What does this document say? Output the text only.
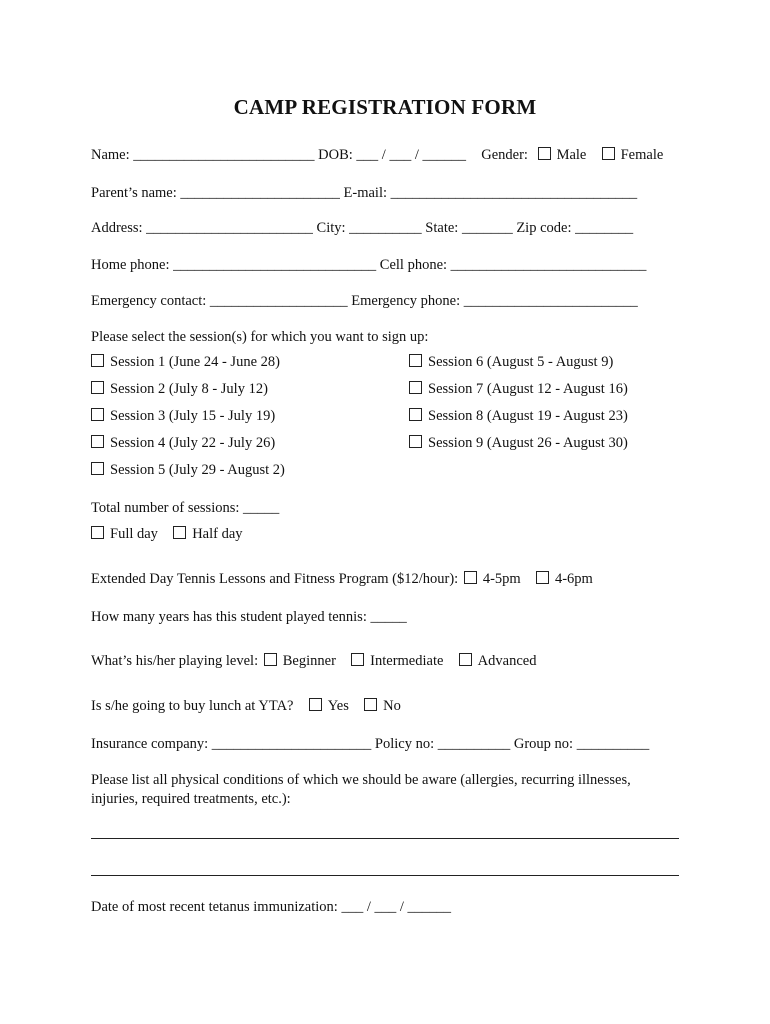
CAMP REGISTRATION FORM
Name: _________________________ DOB: ___ / ___ / ______ Gender: Male Female
Parent’s name: ______________________ E-mail: __________________________________
Address: _______________________ City: __________ State: _______ Zip code: ________
Home phone: ____________________________ Cell phone: ___________________________
Emergency contact: ___________________ Emergency phone: ________________________
Please select the session(s) for which you want to sign up:
Session 1 (June 24 - June 28)
Session 2 (July 8 - July 12)
Session 3 (July 15 - July 19)
Session 4 (July 22 - July 26)
Session 5 (July 29 - August 2)
Session 6 (August 5 - August 9)
Session 7 (August 12 - August 16)
Session 8 (August 19 - August 23)
Session 9 (August 26 - August 30)
Total number of sessions: _____
Full day Half day
Extended Day Tennis Lessons and Fitness Program ($12/hour): 4-5pm 4-6pm
How many years has this student played tennis: _____
What’s his/her playing level: Beginner Intermediate Advanced
Is s/he going to buy lunch at YTA? Yes No
Insurance company: ______________________ Policy no: __________ Group no: __________
Please list all physical conditions of which we should be aware (allergies, recurring illnesses,
injuries, required treatments, etc.):
Date of most recent tetanus immunization: ___ / ___ / ______
